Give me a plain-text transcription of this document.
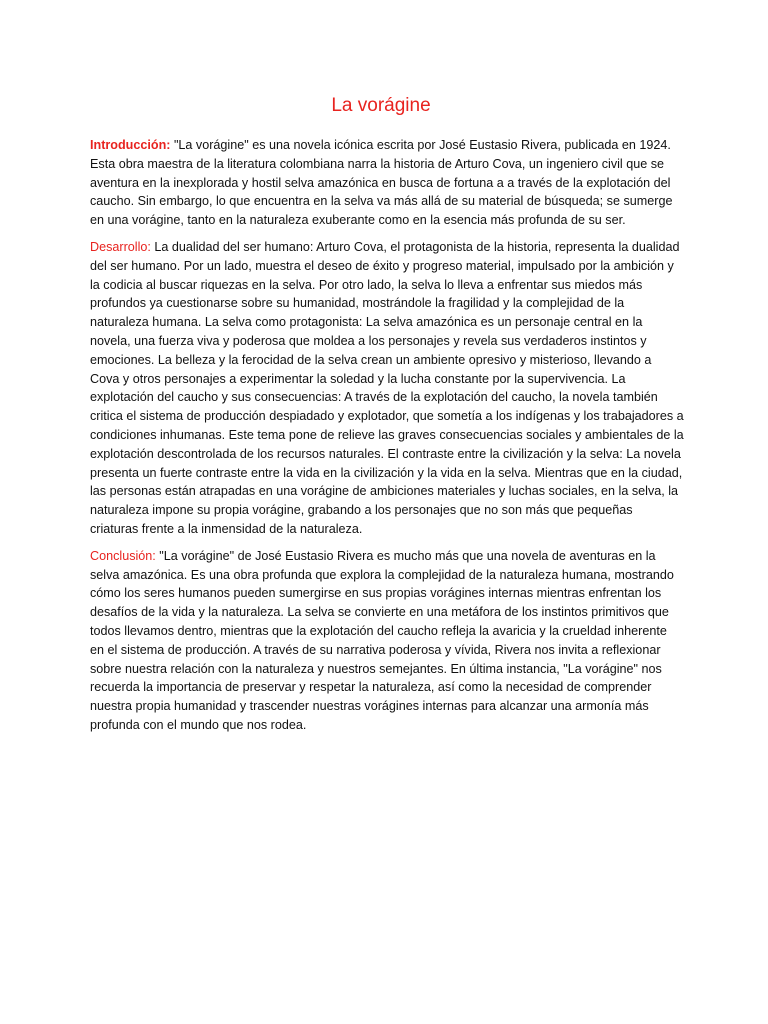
La vorágine

Introducción: "La vorágine" es una novela icónica escrita por José Eustasio Rivera, publicada en 1924. Esta obra maestra de la literatura colombiana narra la historia de Arturo Cova, un ingeniero civil que se aventura en la inexplorada y hostil selva amazónica en busca de fortuna a a través de la explotación del caucho. Sin embargo, lo que encuentra en la selva va más allá de su material de búsqueda; se sumerge en una vorágine, tanto en la naturaleza exuberante como en la esencia más profunda de su ser.

Desarrollo: La dualidad del ser humano: Arturo Cova, el protagonista de la historia, representa la dualidad del ser humano. Por un lado, muestra el deseo de éxito y progreso material, impulsado por la ambición y la codicia al buscar riquezas en la selva. Por otro lado, la selva lo lleva a enfrentar sus miedos más profundos ya cuestionarse sobre su humanidad, mostrándole la fragilidad y la complejidad de la naturaleza humana. La selva como protagonista: La selva amazónica es un personaje central en la novela, una fuerza viva y poderosa que moldea a los personajes y revela sus verdaderos instintos y emociones. La belleza y la ferocidad de la selva crean un ambiente opresivo y misterioso, llevando a Cova y otros personajes a experimentar la soledad y la lucha constante por la supervivencia. La explotación del caucho y sus consecuencias: A través de la explotación del caucho, la novela también critica el sistema de producción despiadado y explotador, que sometía a los indígenas y los trabajadores a condiciones inhumanas. Este tema pone de relieve las graves consecuencias sociales y ambientales de la explotación descontrolada de los recursos naturales. El contraste entre la civilización y la selva: La novela presenta un fuerte contraste entre la vida en la civilización y la vida en la selva. Mientras que en la ciudad, las personas están atrapadas en una vorágine de ambiciones materiales y luchas sociales, en la selva, la naturaleza impone su propia vorágine, grabando a los personajes que no son más que pequeñas criaturas frente a la inmensidad de la naturaleza.

Conclusión: "La vorágine" de José Eustasio Rivera es mucho más que una novela de aventuras en la selva amazónica. Es una obra profunda que explora la complejidad de la naturaleza humana, mostrando cómo los seres humanos pueden sumergirse en sus propias vorágines internas mientras enfrentan los desafíos de la vida y la naturaleza. La selva se convierte en una metáfora de los instintos primitivos que todos llevamos dentro, mientras que la explotación del caucho refleja la avaricia y la crueldad inherente en el sistema de producción. A través de su narrativa poderosa y vívida, Rivera nos invita a reflexionar sobre nuestra relación con la naturaleza y nuestros semejantes. En última instancia, "La vorágine" nos recuerda la importancia de preservar y respetar la naturaleza, así como la necesidad de comprender nuestra propia humanidad y trascender nuestras vorágines internas para alcanzar una armonía más profunda con el mundo que nos rodea.
